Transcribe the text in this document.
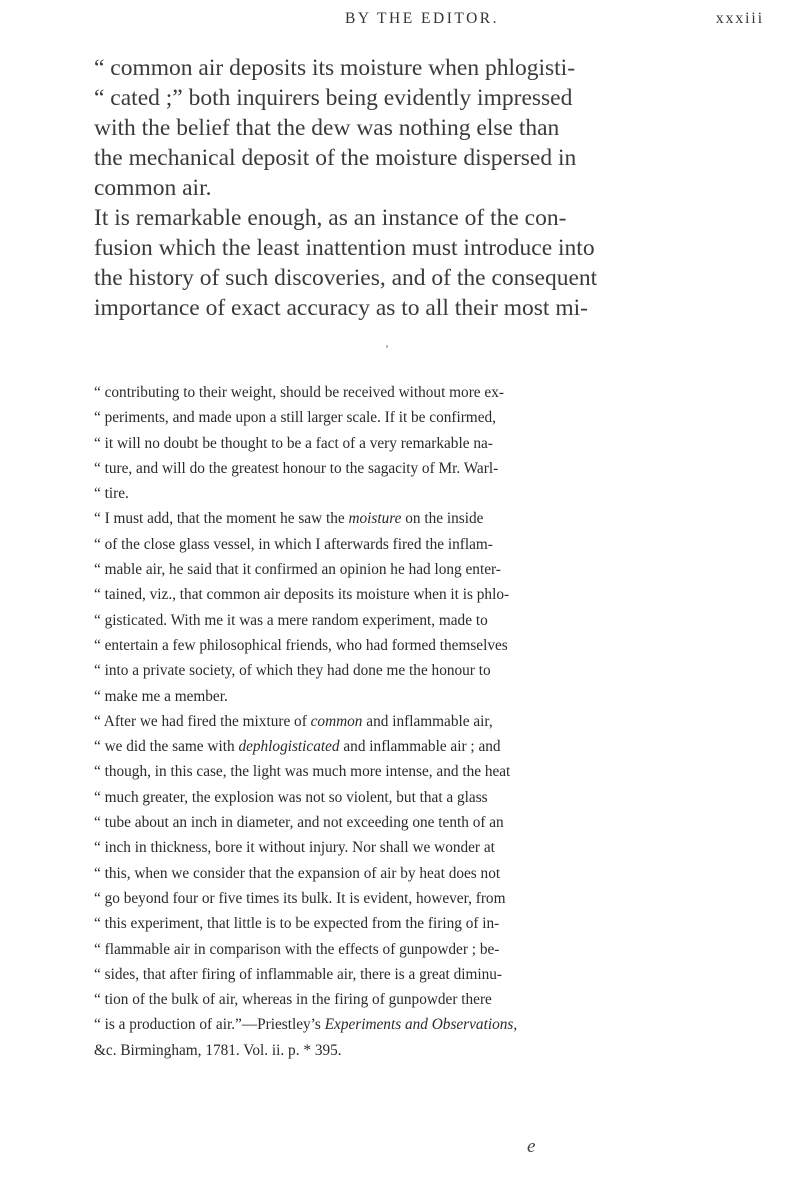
BY THE EDITOR.	xxxiii
“ common air deposits its moisture when phlogisti-
“ cated ;” both inquirers being evidently impressed
with the belief that the dew was nothing else than
the mechanical deposit of the moisture dispersed in
common air.
It is remarkable enough, as an instance of the con-
fusion which the least inattention must introduce into
the history of such discoveries, and of the consequent
importance of exact accuracy as to all their most mi-
“ contributing to their weight, should be received without more ex-
“ periments, and made upon a still larger scale. If it be confirmed,
“ it will no doubt be thought to be a fact of a very remarkable na-
“ ture, and will do the greatest honour to the sagacity of Mr. Warl-
“ tire.
“ I must add, that the moment he saw the moisture on the inside
“ of the close glass vessel, in which I afterwards fired the inflam-
“ mable air, he said that it confirmed an opinion he had long enter-
“ tained, viz., that common air deposits its moisture when it is phlo-
“ gisticated. With me it was a mere random experiment, made to
“ entertain a few philosophical friends, who had formed themselves
“ into a private society, of which they had done me the honour to
“ make me a member.
“ After we had fired the mixture of common and inflammable air,
“ we did the same with dephlogisticated and inflammable air ; and
“ though, in this case, the light was much more intense, and the heat
“ much greater, the explosion was not so violent, but that a glass
“ tube about an inch in diameter, and not exceeding one tenth of an
“ inch in thickness, bore it without injury. Nor shall we wonder at
“ this, when we consider that the expansion of air by heat does not
“ go beyond four or five times its bulk. It is evident, however, from
“ this experiment, that little is to be expected from the firing of in-
“ flammable air in comparison with the effects of gunpowder ; be-
“ sides, that after firing of inflammable air, there is a great diminu-
“ tion of the bulk of air, whereas in the firing of gunpowder there
“ is a production of air.”—Priestley’s Experiments and Observations,
&c. Birmingham, 1781. Vol. ii. p. * 395.
e
